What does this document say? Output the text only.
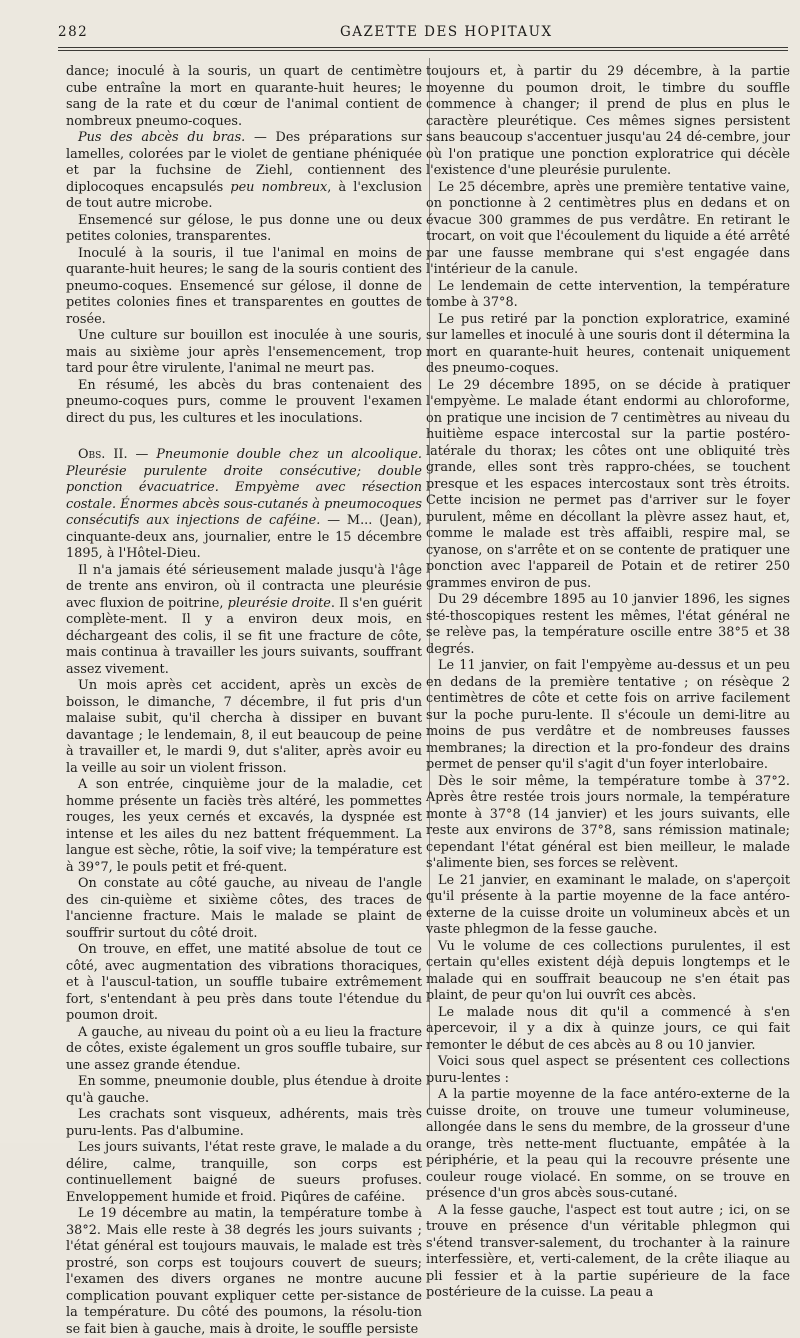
282	GAZETTE DES HOPITAUX

dance; inoculé à la souris, un quart de centimètre cube entraîne la mort en quarante-huit heures; le sang de la rate et du cœur de l'animal contient de nombreux pneumo-coques.

Pus des abcès du bras. — Des préparations sur lamelles, colorées par le violet de gentiane phéniquée et par la fuchsine de Ziehl, contiennent des diplocoques encapsulés peu nombreux, à l'exclusion de tout autre microbe.

Ensemencé sur gélose, le pus donne une ou deux petites colonies, transparentes.

Inoculé à la souris, il tue l'animal en moins de quarante-huit heures; le sang de la souris contient des pneumo-coques. Ensemencé sur gélose, il donne de petites colonies fines et transparentes en gouttes de rosée.

Une culture sur bouillon est inoculée à une souris, mais au sixième jour après l'ensemencement, trop tard pour être virulente, l'animal ne meurt pas.

En résumé, les abcès du bras contenaient des pneumo-coques purs, comme le prouvent l'examen direct du pus, les cultures et les inoculations.

Obs. II. — Pneumonie double chez un alcoolique. Pleurésie purulente droite consécutive; double ponction évacuatrice. Empyème avec résection costale. Énormes abcès sous-cutanés à pneumocoques consécutifs aux injections de caféine. — M... (Jean), cinquante-deux ans, journalier, entre le 15 décembre 1895, à l'Hôtel-Dieu.

Il n'a jamais été sérieusement malade jusqu'à l'âge de trente ans environ, où il contracta une pleurésie avec fluxion de poitrine, pleurésie droite. Il s'en guérit complète-ment. Il y a environ deux mois, en déchargeant des colis, il se fit une fracture de côte, mais continua à travailler les jours suivants, souffrant assez vivement.

Un mois après cet accident, après un excès de boisson, le dimanche, 7 décembre, il fut pris d'un malaise subit, qu'il chercha à dissiper en buvant davantage ; le lendemain, 8, il eut beaucoup de peine à travailler et, le mardi 9, dut s'aliter, après avoir eu la veille au soir un violent frisson.

A son entrée, cinquième jour de la maladie, cet homme présente un faciès très altéré, les pommettes rouges, les yeux cernés et excavés, la dyspnée est intense et les ailes du nez battent fréquemment. La langue est sèche, rôtie, la soif vive; la température est à 39°7, le pouls petit et fré-quent.

On constate au côté gauche, au niveau de l'angle des cin-quième et sixième côtes, des traces de l'ancienne fracture. Mais le malade se plaint de souffrir surtout du côté droit.

On trouve, en effet, une matité absolue de tout ce côté, avec augmentation des vibrations thoraciques, et à l'auscul-tation, un souffle tubaire extrêmement fort, s'entendant à peu près dans toute l'étendue du poumon droit.

A gauche, au niveau du point où a eu lieu la fracture de côtes, existe également un gros souffle tubaire, sur une assez grande étendue.

En somme, pneumonie double, plus étendue à droite qu'à gauche.

Les crachats sont visqueux, adhérents, mais très puru-lents. Pas d'albumine.

Les jours suivants, l'état reste grave, le malade a du délire, calme, tranquille, son corps est continuellement baigné de sueurs profuses. Enveloppement humide et froid. Piqûres de caféine.

Le 19 décembre au matin, la température tombe à 38°2. Mais elle reste à 38 degrés les jours suivants ; l'état général est toujours mauvais, le malade est très prostré, son corps est toujours couvert de sueurs; l'examen des divers organes ne montre aucune complication pouvant expliquer cette per-sistance de la température. Du côté des poumons, la résolu-tion se fait bien à gauche, mais à droite, le souffle persiste

toujours et, à partir du 29 décembre, à la partie moyenne du poumon droit, le timbre du souffle commence à changer; il prend de plus en plus le caractère pleurétique. Ces mêmes signes persistent sans beaucoup s'accentuer jusqu'au 24 dé-cembre, jour où l'on pratique une ponction exploratrice qui décèle l'existence d'une pleurésie purulente.

Le 25 décembre, après une première tentative vaine, on ponctionne à 2 centimètres plus en dedans et on évacue 300 grammes de pus verdâtre. En retirant le trocart, on voit que l'écoulement du liquide a été arrêté par une fausse membrane qui s'est engagée dans l'intérieur de la canule.

Le lendemain de cette intervention, la température tombe à 37°8.

Le pus retiré par la ponction exploratrice, examiné sur lamelles et inoculé à une souris dont il détermina la mort en quarante-huit heures, contenait uniquement des pneumo-coques.

Le 29 décembre 1895, on se décide à pratiquer l'empyème. Le malade étant endormi au chloroforme, on pratique une incision de 7 centimètres au niveau du huitième espace intercostal sur la partie postéro-latérale du thorax; les côtes ont une obliquité très grande, elles sont très rappro-chées, se touchent presque et les espaces intercostaux sont très étroits. Cette incision ne permet pas d'arriver sur le foyer purulent, même en décollant la plèvre assez haut, et, comme le malade est très affaibli, respire mal, se cyanose, on s'arrête et on se contente de pratiquer une ponction avec l'appareil de Potain et de retirer 250 grammes environ de pus.

Du 29 décembre 1895 au 10 janvier 1896, les signes sté-thoscopiques restent les mêmes, l'état général ne se relève pas, la température oscille entre 38°5 et 38 degrés.

Le 11 janvier, on fait l'empyème au-dessus et un peu en dedans de la première tentative ; on résèque 2 centimètres de côte et cette fois on arrive facilement sur la poche puru-lente. Il s'écoule un demi-litre au moins de pus verdâtre et de nombreuses fausses membranes; la direction et la pro-fondeur des drains permet de penser qu'il s'agit d'un foyer interlobaire.

Dès le soir même, la température tombe à 37°2. Après être restée trois jours normale, la température monte à 37°8 (14 janvier) et les jours suivants, elle reste aux environs de 37°8, sans rémission matinale; cependant l'état général est bien meilleur, le malade s'alimente bien, ses forces se relèvent.

Le 21 janvier, en examinant le malade, on s'aperçoit qu'il présente à la partie moyenne de la face antéro-externe de la cuisse droite un volumineux abcès et un vaste phlegmon de la fesse gauche.

Vu le volume de ces collections purulentes, il est certain qu'elles existent déjà depuis longtemps et le malade qui en souffrait beaucoup ne s'en était pas plaint, de peur qu'on lui ouvrît ces abcès.

Le malade nous dit qu'il a commencé à s'en apercevoir, il y a dix à quinze jours, ce qui fait remonter le début de ces abcès au 8 ou 10 janvier.

Voici sous quel aspect se présentent ces collections puru-lentes :

A la partie moyenne de la face antéro-externe de la cuisse droite, on trouve une tumeur volumineuse, allongée dans le sens du membre, de la grosseur d'une orange, très nette-ment fluctuante, empâtée à la périphérie, et la peau qui la recouvre présente une couleur rouge violacé. En somme, on se trouve en présence d'un gros abcès sous-cutané.

A la fesse gauche, l'aspect est tout autre ; ici, on se trouve en présence d'un véritable phlegmon qui s'étend transver-salement, du trochanter à la rainure interfessière, et, verti-calement, de la crête iliaque au pli fessier et à la partie supérieure de la face postérieure de la cuisse. La peau a
